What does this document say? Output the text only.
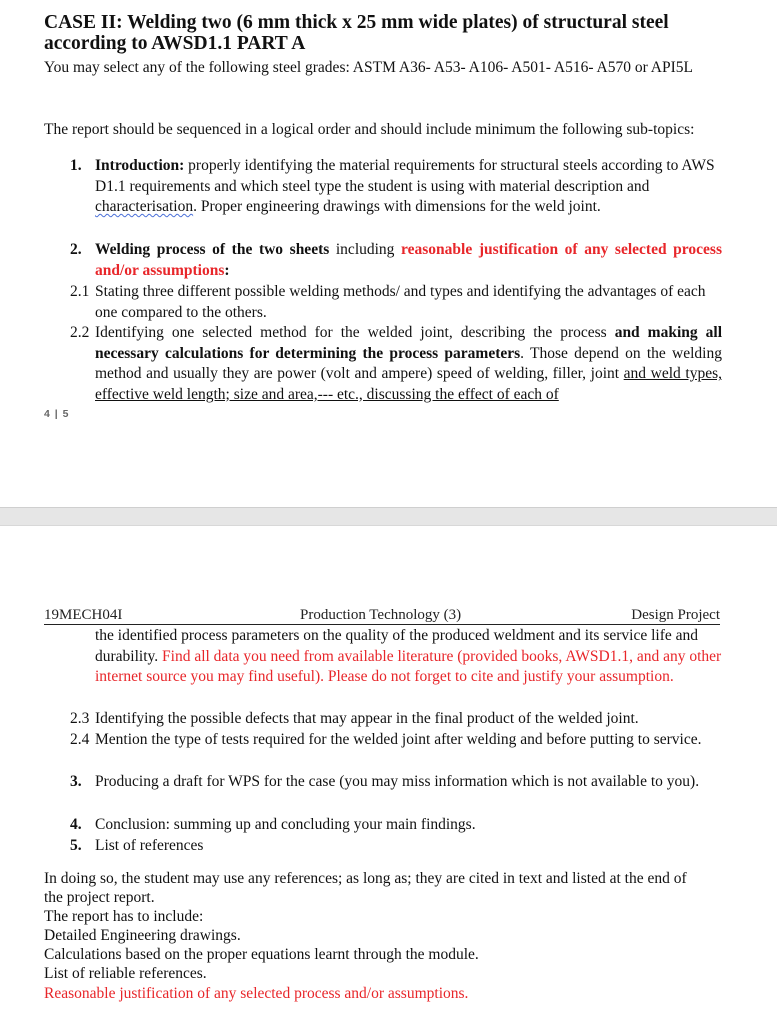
CASE II: Welding two (6 mm thick x 25 mm wide plates) of structural steel
according to AWSD1.1 PART A
You may select any of the following steel grades: ASTM A36- A53- A106- A501- A516- A570 or API5L
The report should be sequenced in a logical order and should include minimum the following sub-topics:
1. Introduction: properly identifying the material requirements for structural steels according to AWS D1.1 requirements and which steel type the student is using with material description and characterisation. Proper engineering drawings with dimensions for the weld joint.
2. Welding process of the two sheets including reasonable justification of any selected process and/or assumptions:
2.1 Stating three different possible welding methods/ and types and identifying the advantages of each one compared to the others.
2.2 Identifying one selected method for the welded joint, describing the process and making all necessary calculations for determining the process parameters. Those depend on the welding method and usually they are power (volt and ampere) speed of welding, filler, joint and weld types, effective weld length; size and area,--- etc., discussing the effect of each of
4 | 5
19MECH04I	Production Technology (3)	Design Project
the identified process parameters on the quality of the produced weldment and its service life and durability. Find all data you need from available literature (provided books, AWSD1.1, and any other internet source you may find useful). Please do not forget to cite and justify your assumption.
2.3 Identifying the possible defects that may appear in the final product of the welded joint.
2.4 Mention the type of tests required for the welded joint after welding and before putting to service.
3. Producing a draft for WPS for the case (you may miss information which is not available to you).
4. Conclusion: summing up and concluding your main findings.
5. List of references
In doing so, the student may use any references; as long as; they are cited in text and listed at the end of the project report.
The report has to include:
Detailed Engineering drawings.
Calculations based on the proper equations learnt through the module.
List of reliable references.
Reasonable justification of any selected process and/or assumptions.
